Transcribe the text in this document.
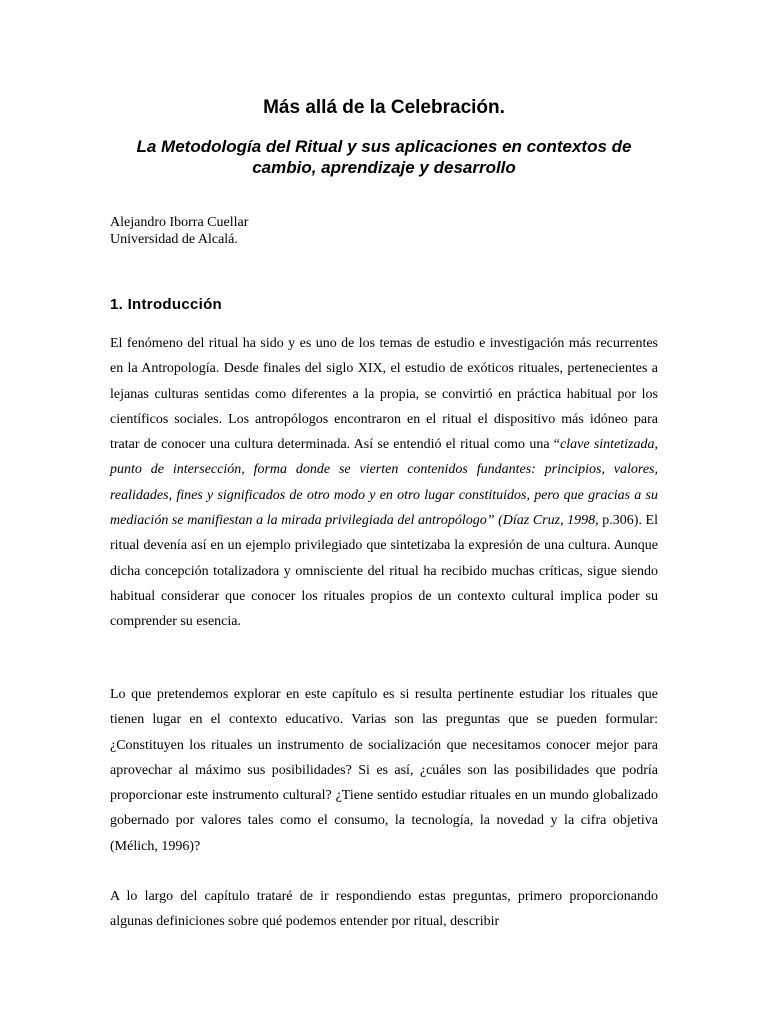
Más allá de la Celebración.
La Metodología del Ritual y sus aplicaciones en contextos de cambio, aprendizaje y desarrollo
Alejandro Iborra Cuellar
Universidad de Alcalá.
1. Introducción

El fenómeno del ritual ha sido y es uno de los temas de estudio e investigación más recurrentes en la Antropología. Desde finales del siglo XIX, el estudio de exóticos rituales, pertenecientes a lejanas culturas sentidas como diferentes a la propia, se convirtió en práctica habitual por los científicos sociales. Los antropólogos encontraron en el ritual el dispositivo más idóneo para tratar de conocer una cultura determinada. Así se entendió el ritual como una “clave sintetizada, punto de intersección, forma donde se vierten contenidos fundantes: principios, valores, realidades, fines y significados de otro modo y en otro lugar constituidos, pero que gracias a su mediación se manifiestan a la mirada privilegiada del antropólogo” (Díaz Cruz, 1998, p.306). El ritual devenía así en un ejemplo privilegiado que sintetizaba la expresión de una cultura. Aunque dicha concepción totalizadora y omnisciente del ritual ha recibido muchas críticas, sigue siendo habitual considerar que conocer los rituales propios de un contexto cultural implica poder su comprender su esencia.

Lo que pretendemos explorar en este capítulo es si resulta pertinente estudiar los rituales que tienen lugar en el contexto educativo. Varias son las preguntas que se pueden formular: ¿Constituyen los rituales un instrumento de socialización que necesitamos conocer mejor para aprovechar al máximo sus posibilidades? Si es así, ¿cuáles son las posibilidades que podría proporcionar este instrumento cultural? ¿Tiene sentido estudiar rituales en un mundo globalizado gobernado por valores tales como el consumo, la tecnología, la novedad y la cifra objetiva (Mélich, 1996)?

A lo largo del capítulo trataré de ir respondiendo estas preguntas, primero proporcionando algunas definiciones sobre qué podemos entender por ritual, describir
